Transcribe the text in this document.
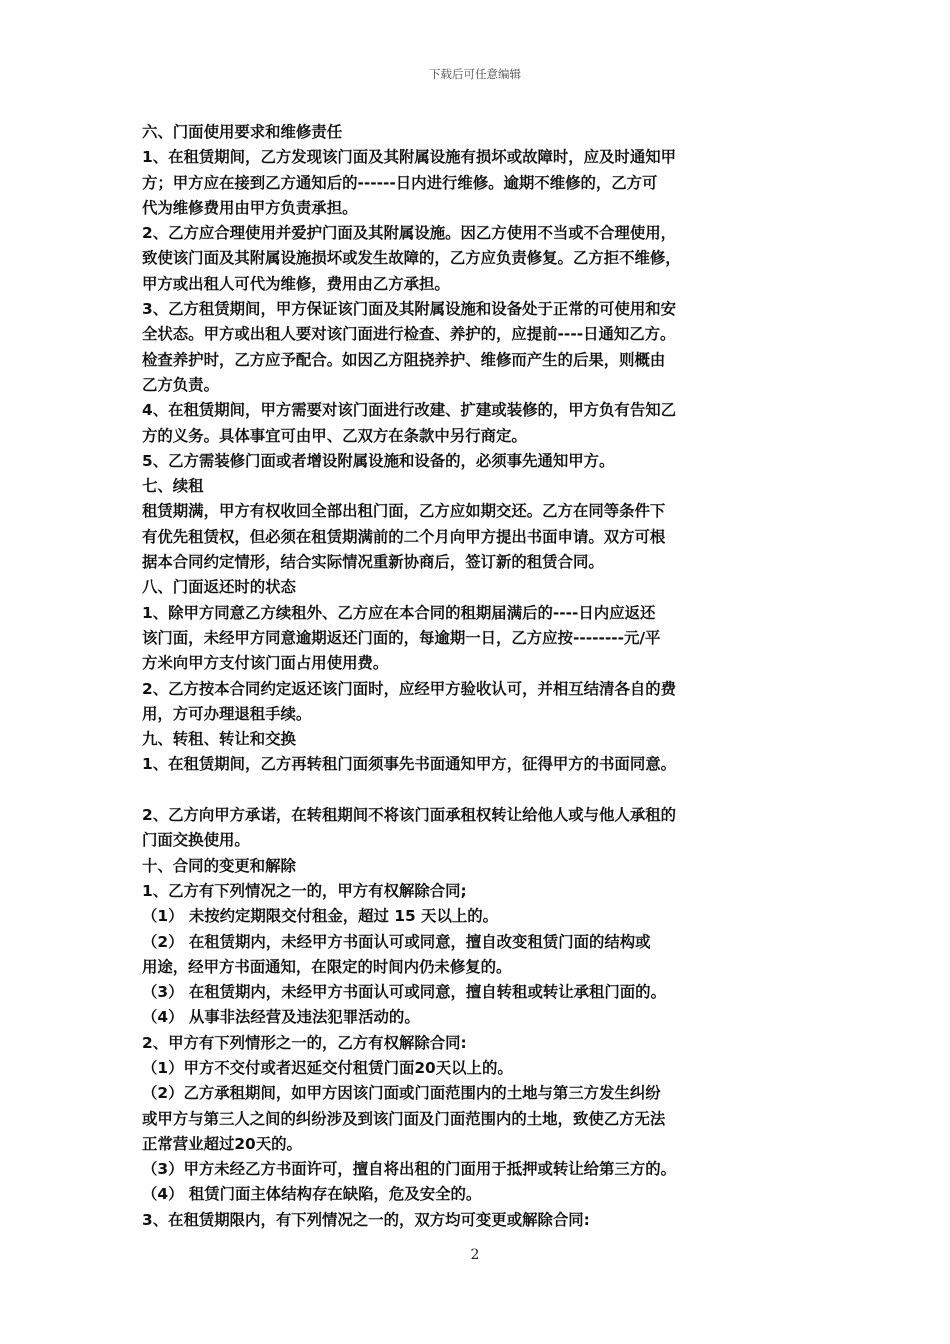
下载后可任意编辑

六、门面使用要求和维修责任

1、在租赁期间，乙方发现该门面及其附属设施有损坏或故障时，应及时通知甲

方；甲方应在接到乙方通知后的------日内进行维修。逾期不维修的，乙方可

代为维修费用由甲方负责承担。

2、乙方应合理使用并爱护门面及其附属设施。因乙方使用不当或不合理使用，

致使该门面及其附属设施损坏或发生故障的，乙方应负责修复。乙方拒不维修，

甲方或出租人可代为维修，费用由乙方承担。

3、乙方租赁期间，甲方保证该门面及其附属设施和设备处于正常的可使用和安

全状态。甲方或出租人要对该门面进行检查、养护的，应提前----日通知乙方。

检查养护时，乙方应予配合。如因乙方阻挠养护、维修而产生的后果，则概由

乙方负责。

4、在租赁期间，甲方需要对该门面进行改建、扩建或装修的，甲方负有告知乙

方的义务。具体事宜可由甲、乙双方在条款中另行商定。

5、乙方需装修门面或者增设附属设施和设备的，必须事先通知甲方。

七、续租

租赁期满，甲方有权收回全部出租门面，乙方应如期交还。乙方在同等条件下

有优先租赁权，但必须在租赁期满前的二个月向甲方提出书面申请。双方可根

据本合同约定情形，结合实际情况重新协商后，签订新的租赁合同。

八、门面返还时的状态

1、除甲方同意乙方续租外、乙方应在本合同的租期届满后的----日内应返还

该门面，未经甲方同意逾期返还门面的，每逾期一日，乙方应按--------元/平

方米向甲方支付该门面占用使用费。

2、乙方按本合同约定返还该门面时，应经甲方验收认可，并相互结清各自的费

用，方可办理退租手续。

九、转租、转让和交换

1、在租赁期间，乙方再转租门面须事先书面通知甲方，征得甲方的书面同意。

2、乙方向甲方承诺，在转租期间不将该门面承租权转让给他人或与他人承租的

门面交换使用。

十、合同的变更和解除

1、乙方有下列情况之一的，甲方有权解除合同;

（1） 未按约定期限交付租金，超过 15 天以上的。

（2） 在租赁期内，未经甲方书面认可或同意，擅自改变租赁门面的结构或

用途，经甲方书面通知，在限定的时间内仍未修复的。

（3） 在租赁期内，未经甲方书面认可或同意，擅自转租或转让承租门面的。

（4） 从事非法经营及违法犯罪活动的。

2、甲方有下列情形之一的，乙方有权解除合同:

（1）甲方不交付或者迟延交付租赁门面20天以上的。

（2）乙方承租期间，如甲方因该门面或门面范围内的土地与第三方发生纠纷

或甲方与第三人之间的纠纷涉及到该门面及门面范围内的土地，致使乙方无法

正常营业超过20天的。

（3）甲方未经乙方书面许可，擅自将出租的门面用于抵押或转让给第三方的。

（4） 租赁门面主体结构存在缺陷，危及安全的。

3、在租赁期限内，有下列情况之一的，双方均可变更或解除合同:

2
